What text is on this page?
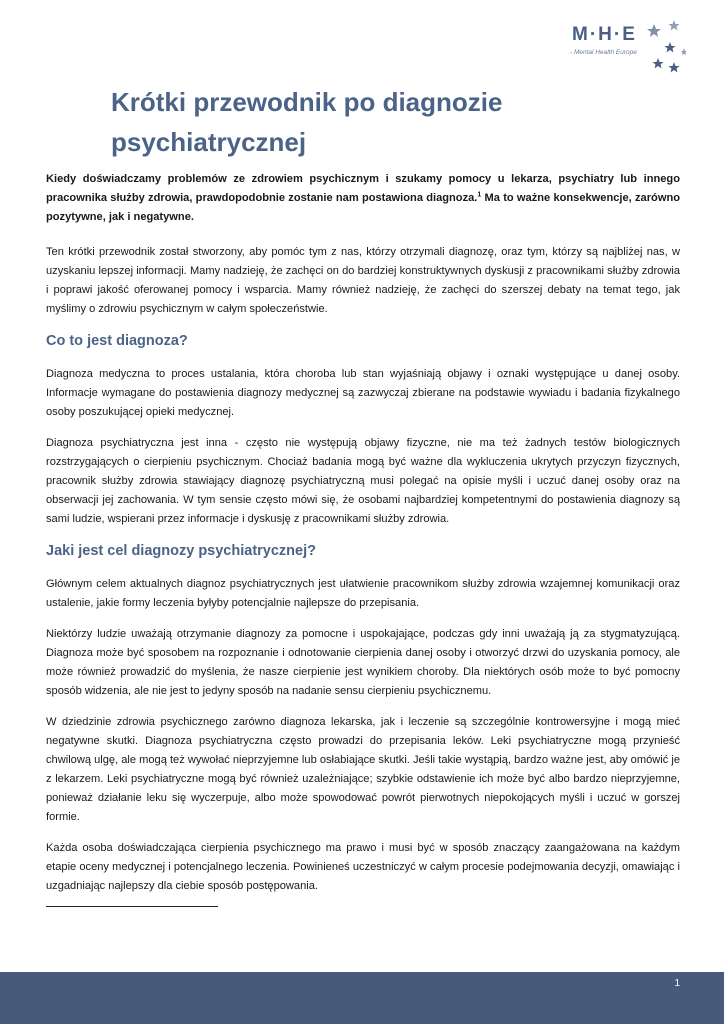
M·H·E
- Mental Health Europe
Krótki przewodnik po diagnozie psychiatrycznej

Kiedy doświadczamy problemów ze zdrowiem psychicznym i szukamy pomocy u lekarza, psychiatry lub innego pracownika służby zdrowia, prawdopodobnie zostanie nam postawiona diagnoza.$^1$ Ma to ważne konsekwencje, zarówno pozytywne, jak i negatywne.

Ten krótki przewodnik został stworzony, aby pomóc tym z nas, którzy otrzymali diagnozę, oraz tym, którzy są najbliżej nas, w uzyskaniu lepszej informacji. Mamy nadzieję, że zachęci on do bardziej konstruktywnych dyskusji z pracownikami służby zdrowia i poprawi jakość oferowanej pomocy i wsparcia. Mamy również nadzieję, że zachęci do szerszej debaty na temat tego, jak myślimy o zdrowiu psychicznym w całym społeczeństwie.

Co to jest diagnoza?

Diagnoza medyczna to proces ustalania, która choroba lub stan wyjaśniają objawy i oznaki występujące u danej osoby. Informacje wymagane do postawienia diagnozy medycznej są zazwyczaj zbierane na podstawie wywiadu i badania fizykalnego osoby poszukującej opieki medycznej.

Diagnoza psychiatryczna jest inna - często nie występują objawy fizyczne, nie ma też żadnych testów biologicznych rozstrzygających o cierpieniu psychicznym. Chociaż badania mogą być ważne dla wykluczenia ukrytych przyczyn fizycznych, pracownik służby zdrowia stawiający diagnozę psychiatryczną musi polegać na opisie myśli i uczuć danej osoby oraz na obserwacji jej zachowania. W tym sensie często mówi się, że osobami najbardziej kompetentnymi do postawienia diagnozy są sami ludzie, wspierani przez informacje i dyskusję z pracownikami służby zdrowia.

Jaki jest cel diagnozy psychiatrycznej?

Głównym celem aktualnych diagnoz psychiatrycznych jest ułatwienie pracownikom służby zdrowia wzajemnej komunikacji oraz ustalenie, jakie formy leczenia byłyby potencjalnie najlepsze do przepisania.

Niektórzy ludzie uważają otrzymanie diagnozy za pomocne i uspokajające, podczas gdy inni uważają ją za stygmatyzującą. Diagnoza może być sposobem na rozpoznanie i odnotowanie cierpienia danej osoby i otworzyć drzwi do uzyskania pomocy, ale może również prowadzić do myślenia, że nasze cierpienie jest wynikiem choroby. Dla niektórych osób może to być pomocny sposób widzenia, ale nie jest to jedyny sposób na nadanie sensu cierpieniu psychicznemu.

W dziedzinie zdrowia psychicznego zarówno diagnoza lekarska, jak i leczenie są szczególnie kontrowersyjne i mogą mieć negatywne skutki. Diagnoza psychiatryczna często prowadzi do przepisania leków. Leki psychiatryczne mogą przynieść chwilową ulgę, ale mogą też wywołać nieprzyjemne lub osłabiające skutki. Jeśli takie wystąpią, bardzo ważne jest, aby omówić je z lekarzem. Leki psychiatryczne mogą być również uzależniające; szybkie odstawienie ich może być albo bardzo nieprzyjemne, ponieważ działanie leku się wyczerpuje, albo może spowodować powrót pierwotnych niepokojących myśli i uczuć w gorszej formie.

Każda osoba doświadczająca cierpienia psychicznego ma prawo i musi być w sposób znaczący zaangażowana na każdym etapie oceny medycznej i potencjalnego leczenia. Powinieneś uczestniczyć w całym procesie podejmowania decyzji, omawiając i uzgadniając najlepszy dla ciebie sposób postępowania.

1
